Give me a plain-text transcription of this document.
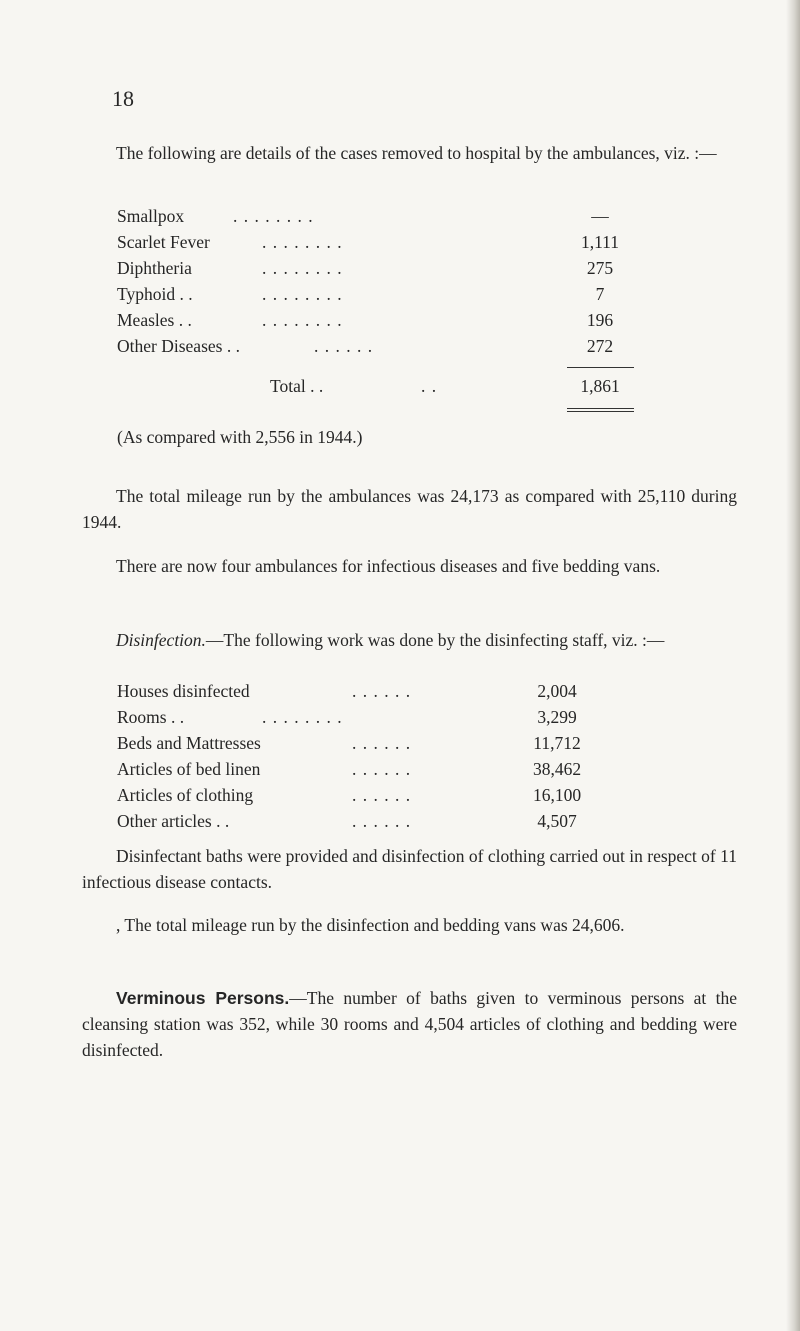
18
The following are details of the cases removed to hospital by the ambulances, viz. :—
Smallpox	. . . . . . . .	—
Scarlet Fever	. . . . . . . .	1,111
Diphtheria	. . . . . . . .	275
Typhoid . .	. . . . . . . .	7
Measles . .	. . . . . . . .	196
Other Diseases . .	. . . . . .	272
Total . .	. .	1,861
(As compared with 2,556 in 1944.)
The total mileage run by the ambulances was 24,173 as compared with 25,110 during 1944.
There are now four ambulances for infectious diseases and five bedding vans.
Disinfection.—The following work was done by the disinfecting staff, viz. :—
Houses disinfected	. . . . . .	2,004
Rooms . .	. . . . . . . .	3,299
Beds and Mattresses	. . . . . .	11,712
Articles of bed linen	. . . . . .	38,462
Articles of clothing	. . . . . .	16,100
Other articles . .	. . . . . .	4,507
Disinfectant baths were provided and disinfection of clothing carried out in respect of 11 infectious disease contacts.
, The total mileage run by the disinfection and bedding vans was 24,606.
Verminous Persons.—The number of baths given to verminous persons at the cleansing station was 352, while 30 rooms and 4,504 articles of clothing and bedding were disinfected.
